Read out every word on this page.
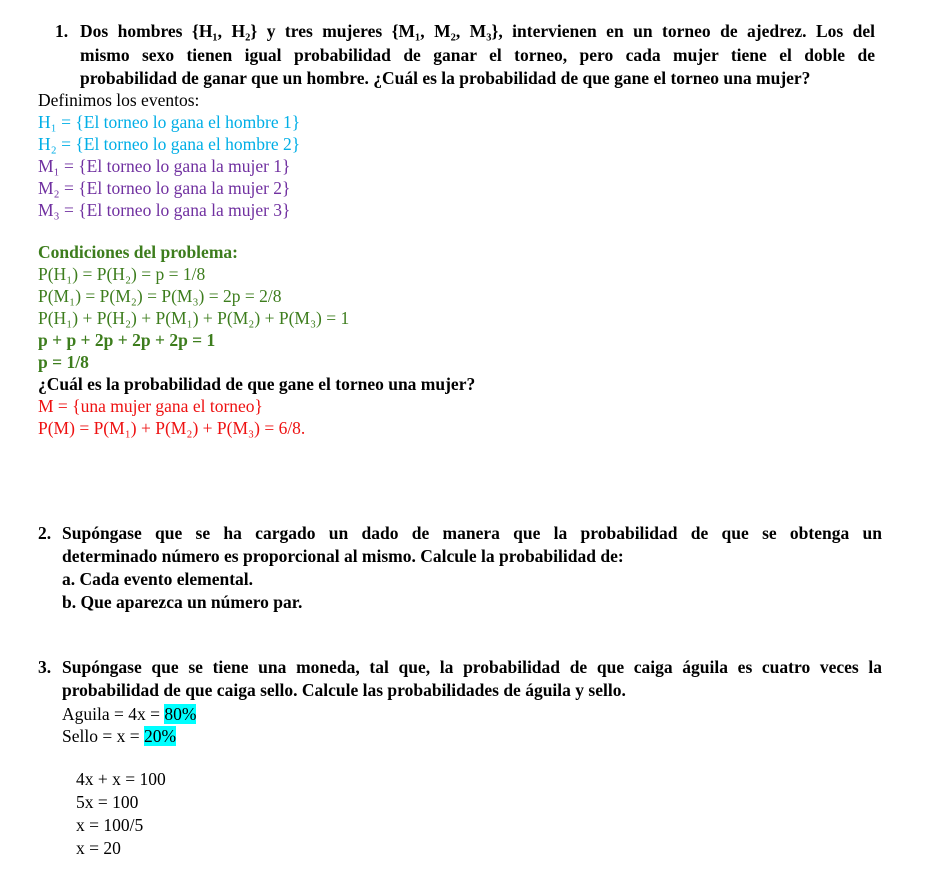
1. Dos hombres {H₁, H₂} y tres mujeres {M₁, M₂, M₃}, intervienen en un torneo de ajedrez. Los del
mismo sexo tienen igual probabilidad de ganar el torneo, pero cada mujer tiene el doble de
probabilidad de ganar que un hombre. ¿Cuál es la probabilidad de que gane el torneo una mujer?
Definimos los eventos:
H₁ = {El torneo lo gana el hombre 1}
H₂ = {El torneo lo gana el hombre 2}
M₁ = {El torneo lo gana la mujer 1}
M₂ = {El torneo lo gana la mujer 2}
M₃ = {El torneo lo gana la mujer 3}
Condiciones del problema:
P(H₁) = P(H₂) = p = 1/8
P(M₁) = P(M₂) = P(M₃) = 2p = 2/8
P(H₁) + P(H₂) + P(M₁) + P(M₂) + P(M₃) = 1
p + p + 2p + 2p + 2p = 1
p = 1/8
¿Cuál es la probabilidad de que gane el torneo una mujer?
M = {una mujer gana el torneo}
P(M) = P(M₁) + P(M₂) + P(M₃) = 6/8.
2. Supóngase que se ha cargado un dado de manera que la probabilidad de que se obtenga un
determinado número es proporcional al mismo. Calcule la probabilidad de:
a. Cada evento elemental.
b. Que aparezca un número par.
3. Supóngase que se tiene una moneda, tal que, la probabilidad de que caiga águila es cuatro veces la
probabilidad de que caiga sello. Calcule las probabilidades de águila y sello.
Aguila = 4x = 80%
Sello = x = 20%
4x + x = 100
5x = 100
x = 100/5
x = 20
